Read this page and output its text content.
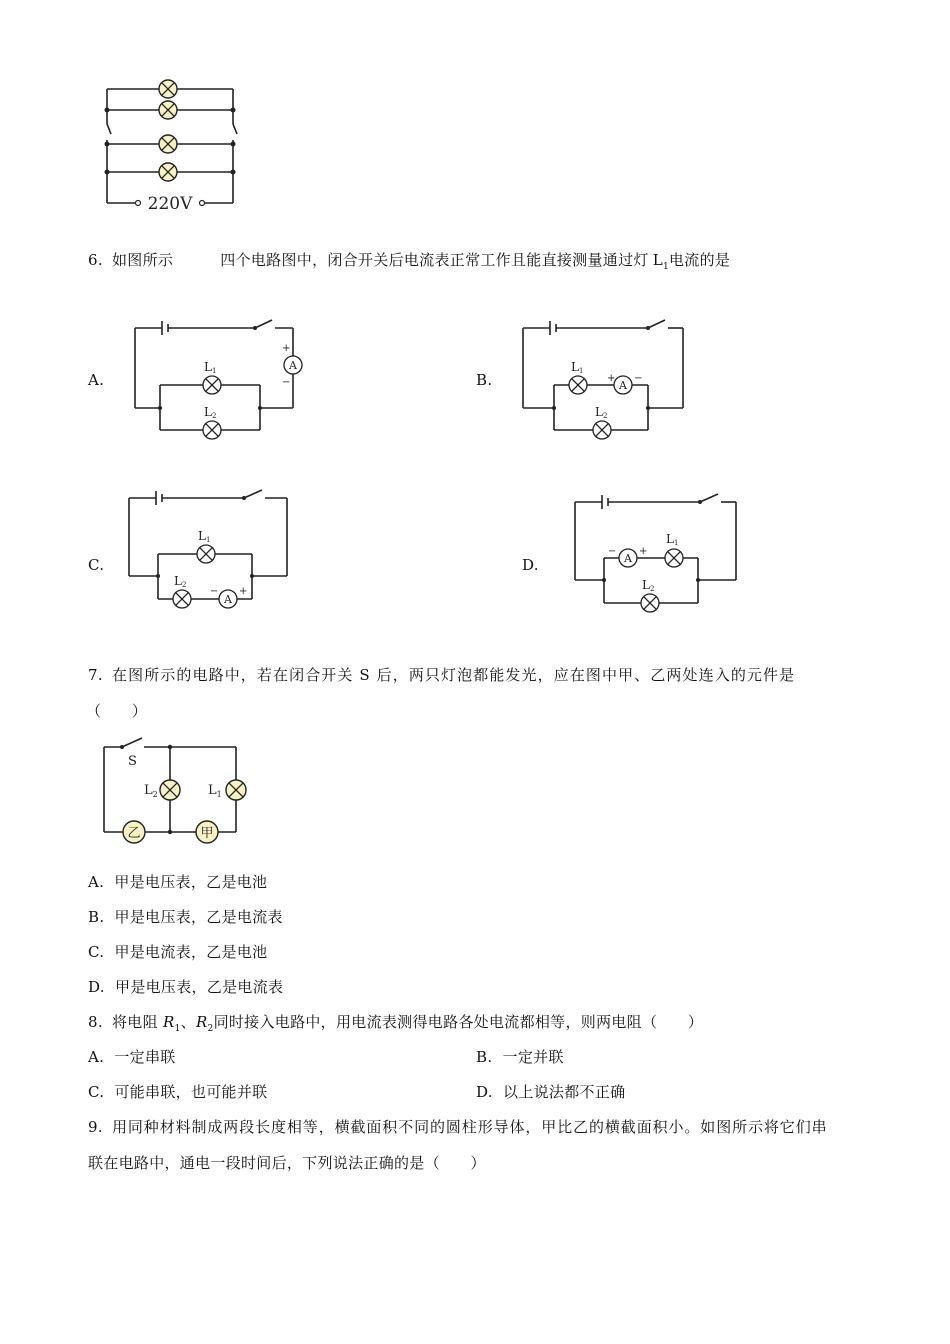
220V
6. 如图所示	四个电路图中，闭合开关后电流表正常工作且能直接测量通过灯 $L_1$电流的是
A.
L1
L2
A
+
−	B.	A
L1
L2
+ −
C.
A
L1
L2
− +
D.	A
L1
L2
− +
7. 在图所示的电路中，若在闭合开关 S 后，两只灯泡都能发光，应在图中甲、乙两处连入的元件是
（　　）
乙	甲
S
$L_2$	$L_1$
A. 甲是电压表，乙是电池
B. 甲是电压表，乙是电流表
C. 甲是电流表，乙是电池
D. 甲是电压表，乙是电流表
8. 将电阻 $R_1$、$R_2$同时接入电路中，用电流表测得电路各处电流都相等，则两电阻（　　）
A. 一定串联	B. 一定并联
C. 可能串联，也可能并联	D. 以上说法都不正确
9. 用同种材料制成两段长度相等，横截面积不同的圆柱形导体，甲比乙的横截面积小。如图所示将它们串
联在电路中，通电一段时间后，下列说法正确的是（　　）
